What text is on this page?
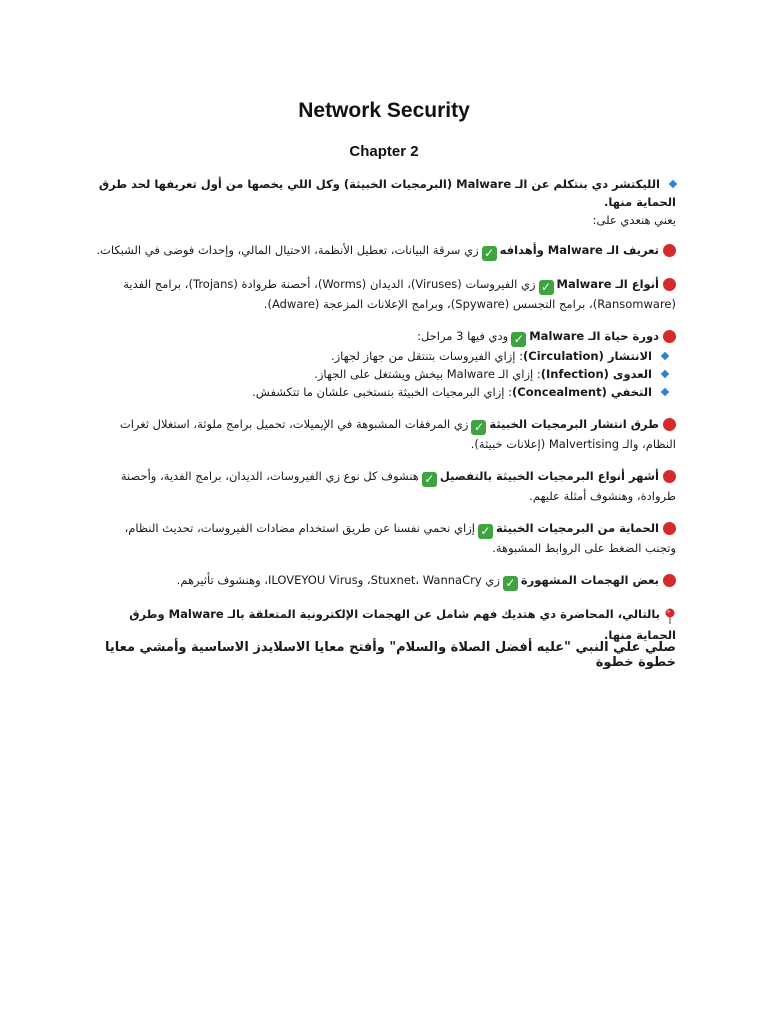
Network Security
Chapter 2
الليكتشر دي بنتكلم عن الـ Malware (البرمجيات الخبيثة) وكل اللي يخصها من أول تعريفها لحد طرق الحماية منها.
يعني هنعدي على:
تعريف الـ Malware وأهدافه✓زي سرقة البيانات، تعطيل الأنظمة، الاحتيال المالي، وإحداث فوضى في الشبكات.
أنواع الـ Malware✓زي الفيروسات (Viruses)، الديدان (Worms)، أحصنة طروادة (Trojans)، برامج الفدية (Ransomware)، برامج التجسس (Spyware)، وبرامج الإعلانات المزعجة (Adware).
دورة حياة الـ Malware✓ودي فيها 3 مراحل:
الانتشار (Circulation): إزاي الفيروسات بتنتقل من جهاز لجهاز.
العدوى (Infection): إزاي الـ Malware بيخش ويشتغل على الجهاز.
التخفي (Concealment): إزاي البرمجيات الخبيثة بتستخبى علشان ما تتكشفش.
طرق انتشار البرمجيات الخبيثة✓زي المرفقات المشبوهة في الإيميلات، تحميل برامج ملوثة، استغلال ثغرات النظام، والـ Malvertising (إعلانات خبيثة).
أشهر أنواع البرمجيات الخبيثة بالتفصيل✓هنشوف كل نوع زي الفيروسات، الديدان، برامج الفدية، وأحصنة طروادة، وهنشوف أمثلة عليهم.
الحماية من البرمجيات الخبيثة✓إزاي نحمي نفسنا عن طريق استخدام مضادات الفيروسات، تحديث النظام، وتجنب الضغط على الروابط المشبوهة.
بعض الهجمات المشهورة✓زي Stuxnet، WannaCry، وILOVEYOU Virus، وهنشوف تأثيرهم.
بالتالي، المحاضرة دي هتديك فهم شامل عن الهجمات الإلكترونية المتعلقة بالـ Malware وطرق الحماية منها.
صلي علي النبي "عليه أفضل الصلاة والسلام" وأفتح معايا الاسلايدز الاساسية وأمشي معايا خطوة خطوة
